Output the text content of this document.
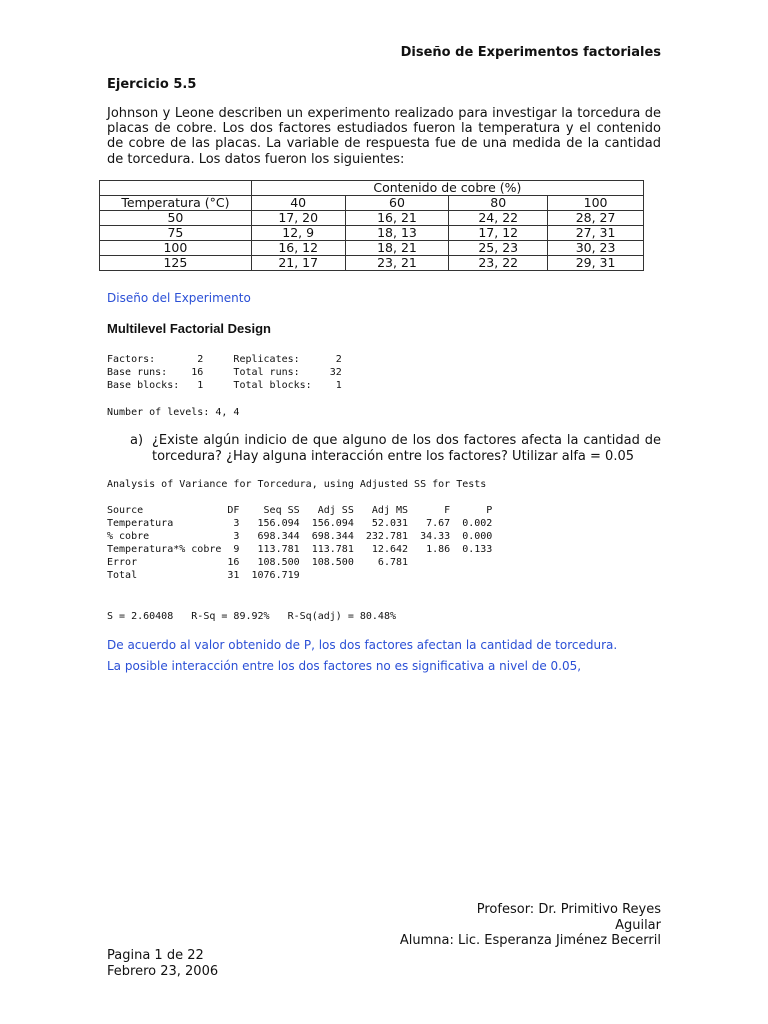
Diseño de Experimentos factoriales
Ejercicio 5.5
Johnson y Leone describen un experimento realizado para investigar la torcedura de placas de cobre. Los dos factores estudiados fueron la temperatura y el contenido de cobre de las placas. La variable de respuesta fue de una medida de la cantidad de torcedura. Los datos fueron los siguientes:
	Contenido de cobre (%)			
Temperatura (°C)	40	60	80	100
50	17, 20	16, 21	24, 22	28, 27
75	12, 9	18, 13	17, 12	27, 31
100	16, 12	18, 21	25, 23	30, 23
125	21, 17	23, 21	23, 22	29, 31
Diseño del Experimento
Multilevel Factorial Design
Factors:       2     Replicates:      2
Base runs:    16     Total runs:     32
Base blocks:   1     Total blocks:    1
Number of levels: 4, 4
a) ¿Existe algún indicio de que alguno de los dos factores afecta la cantidad de torcedura? ¿Hay alguna interacción entre los factores? Utilizar alfa = 0.05
Analysis of Variance for Torcedura, using Adjusted SS for Tests
Source              DF    Seq SS   Adj SS   Adj MS      F      P
Temperatura          3   156.094  156.094   52.031   7.67  0.002
% cobre              3   698.344  698.344  232.781  34.33  0.000
Temperatura*% cobre  9   113.781  113.781   12.642   1.86  0.133
Error               16   108.500  108.500    6.781
Total               31  1076.719
S = 2.60408   R-Sq = 89.92%   R-Sq(adj) = 80.48%
De acuerdo al valor obtenido de P, los dos factores afectan la cantidad de torcedura.
La posible interacción entre los dos factores no es significativa a nivel de 0.05,
Profesor: Dr. Primitivo Reyes
Aguilar
Alumna: Lic. Esperanza Jiménez Becerril
Pagina 1 de 22
Febrero 23, 2006
